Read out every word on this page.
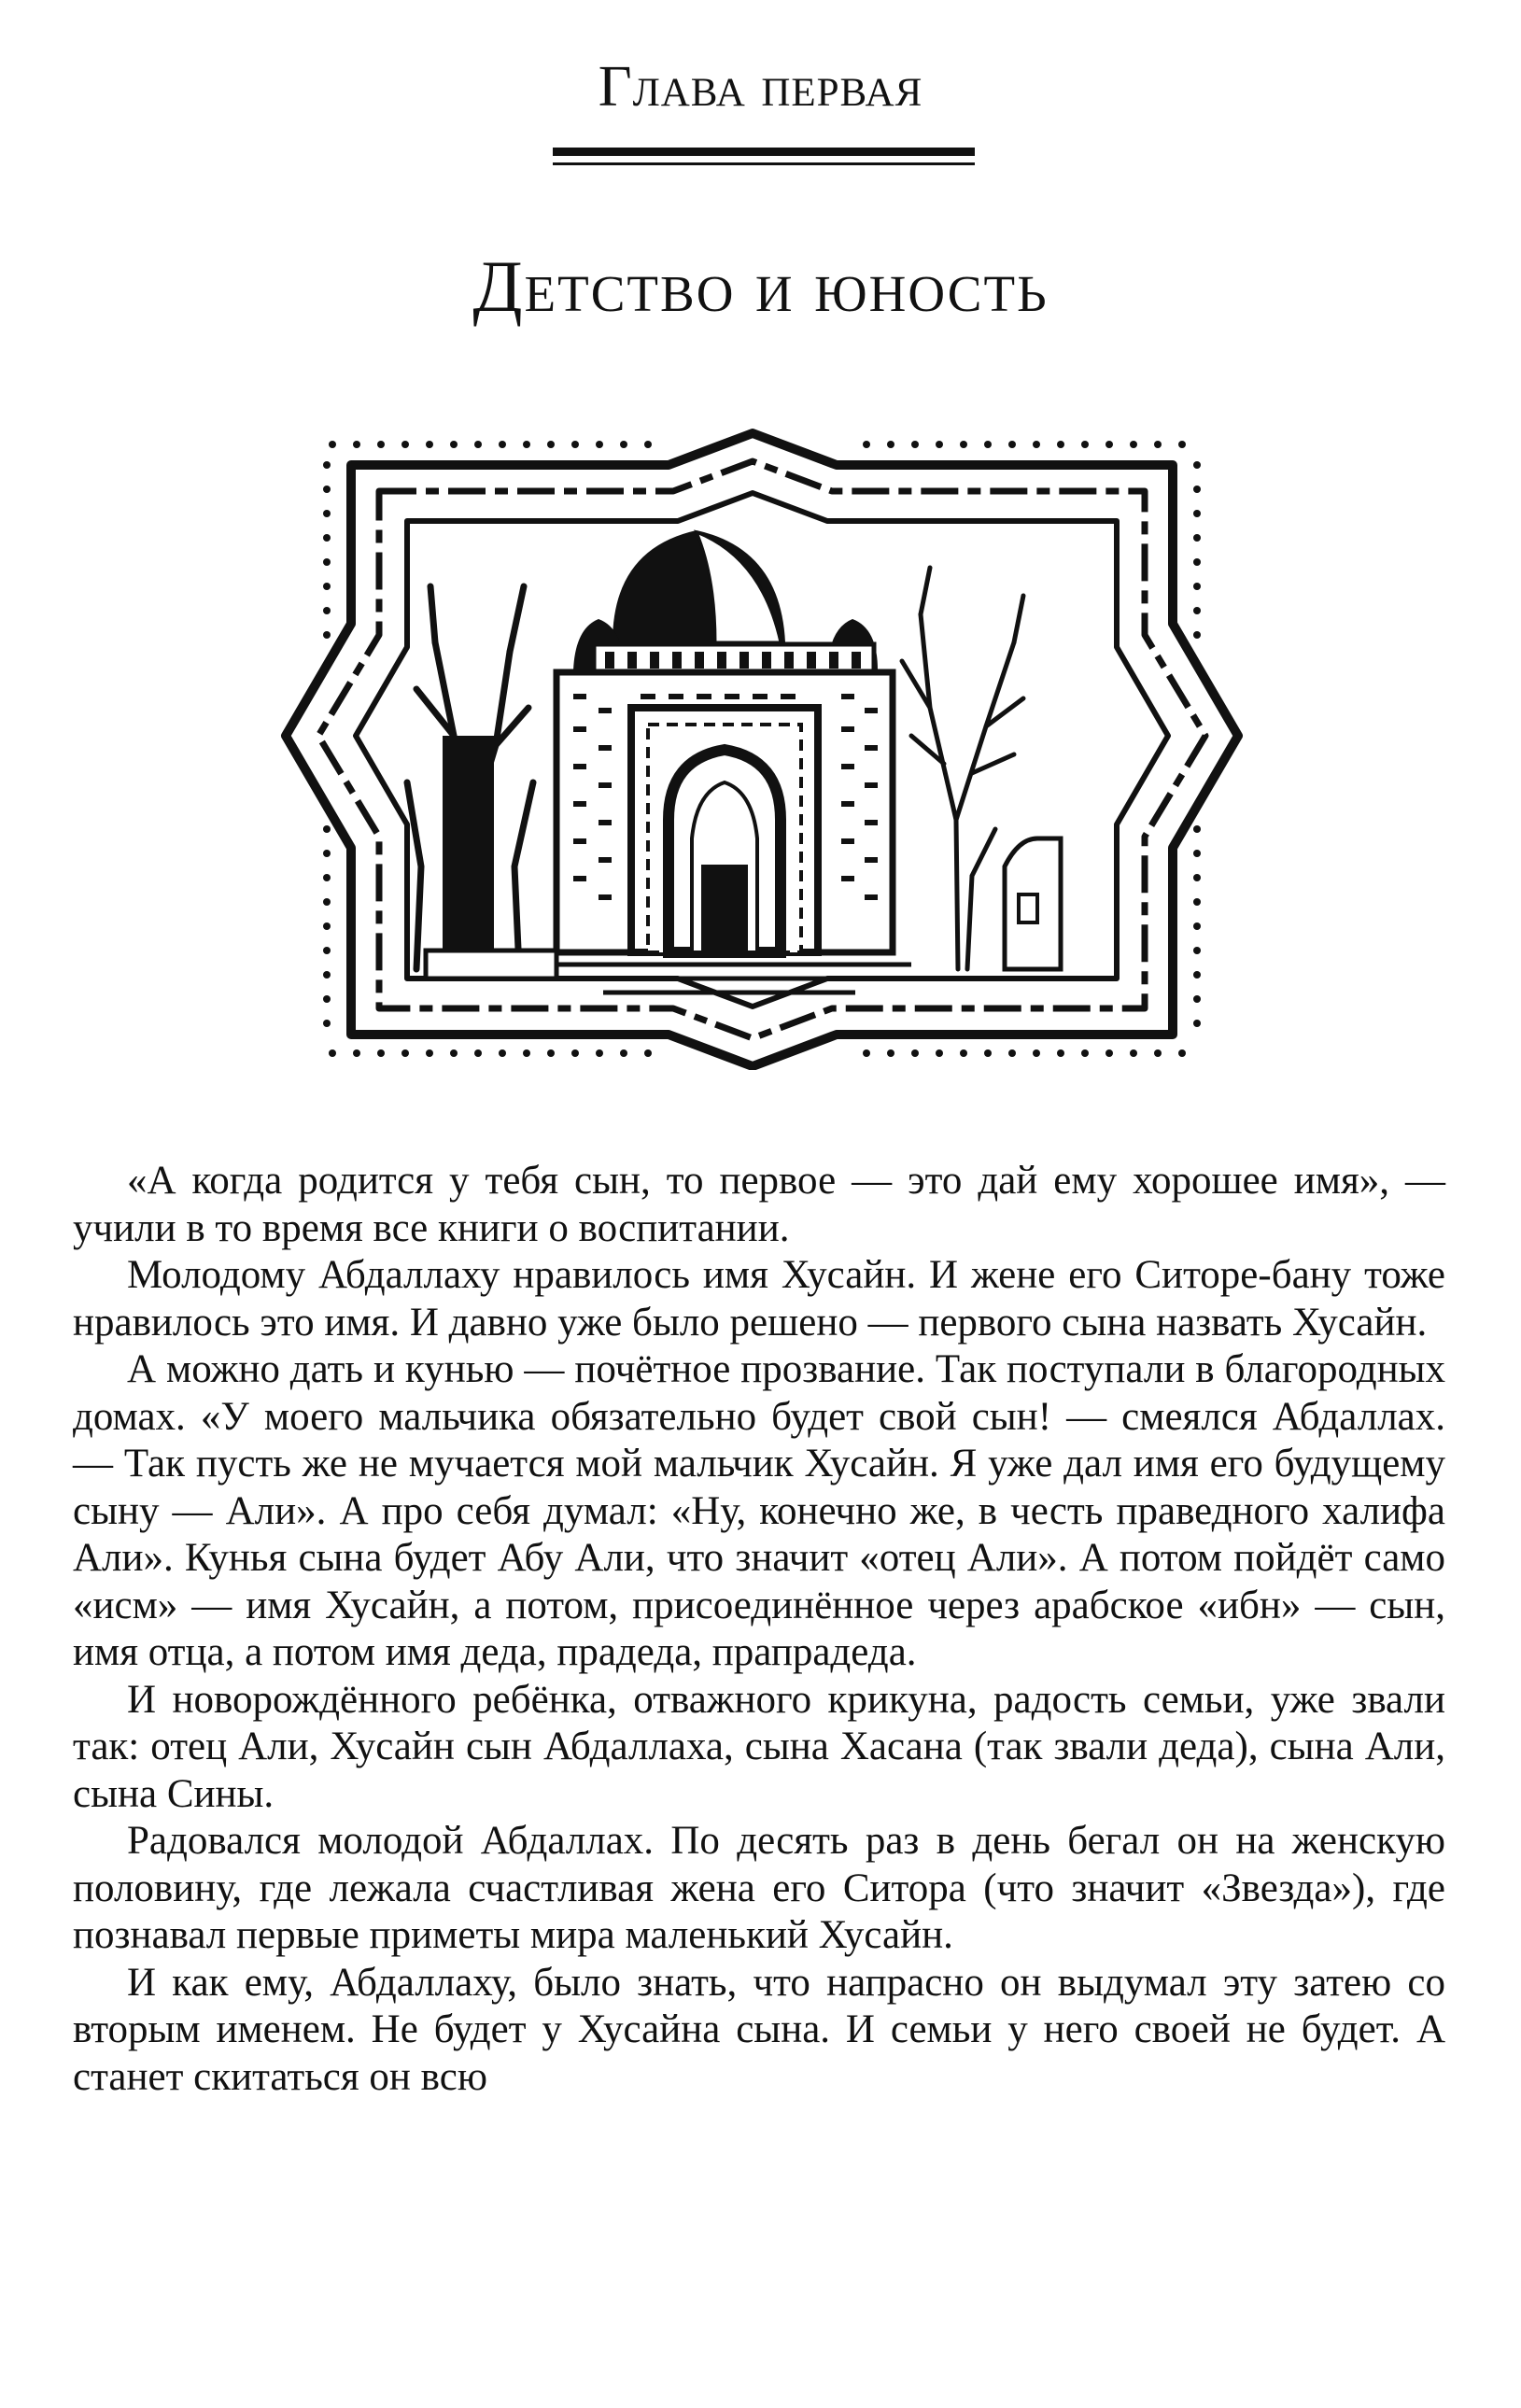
Глава первая
Детство и юность

«А когда родится у тебя сын, то первое — это дай ему хорошее имя», — учили в то время все книги о воспитании.

Молодому Абдаллаху нравилось имя Хусайн. И жене его Ситоре-бану тоже нравилось это имя. И давно уже было решено — первого сына назвать Хусайн.

А можно дать и кунью — почётное прозвание. Так поступали в благородных домах. «У моего мальчика обязательно будет свой сын! — смеялся Абдаллах. — Так пусть же не мучается мой мальчик Хусайн. Я уже дал имя его будущему сыну — Али». А про себя думал: «Ну, конечно же, в честь праведного халифа Али». Кунья сына будет Абу Али, что значит «отец Али». А потом пойдёт само «исм» — имя Хусайн, а потом, присоединённое через арабское «ибн» — сын, имя отца, а потом имя деда, прадеда, прапрадеда.

И новорождённого ребёнка, отважного крикуна, радость семьи, уже звали так: отец Али, Хусайн сын Абдаллаха, сына Хасана (так звали деда), сына Али, сына Сины.

Радовался молодой Абдаллах. По десять раз в день бегал он на женскую половину, где лежала счастливая жена его Ситора (что значит «Звезда»), где познавал первые приметы мира маленький Хусайн.

И как ему, Абдаллаху, было знать, что напрасно он выдумал эту затею со вторым именем. Не будет у Хусайна сына. И семьи у него своей не будет. А станет скитаться он всю
